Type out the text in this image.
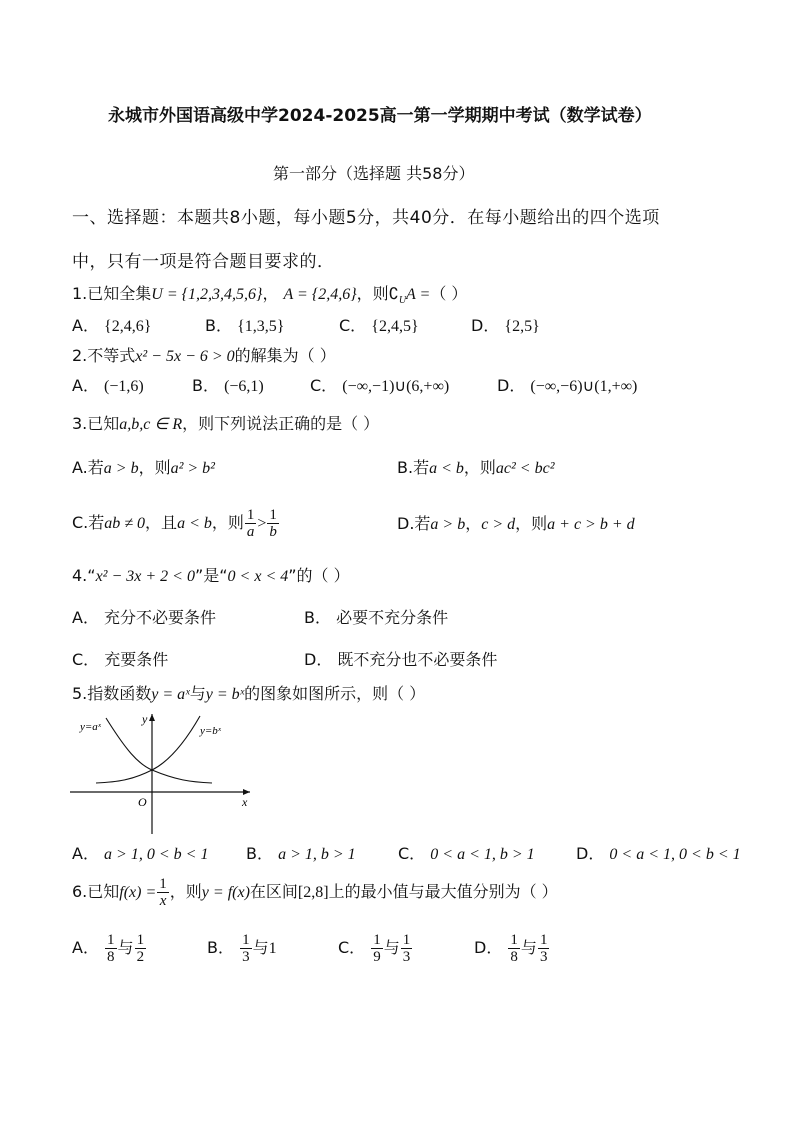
永城市外国语高级中学2024-2025高一第一学期期中考试（数学试卷）
第一部分（选择题 共58分）
一、选择题：本题共8小题，每小题5分，共40分．在每小题给出的四个选项
中，只有一项是符合题目要求的．
1.已知全集U = {1,2,3,4,5,6}， A = {2,4,6}，则$∁_UA$ =（ ）
A． {2,4,6}	B． {1,3,5}	C． {2,4,5}	D． {2,5}
2.不等式x² − 5x − 6 > 0的解集为（ ）
A． (−1,6)	B． (−6,1)	C． (−∞,−1)∪(6,+∞)	D． (−∞,−6)∪(1,+∞)
3.已知a,b,c ∈ R，则下列说法正确的是（ ）
A.若a > b，则a² > b²	B.若a < b，则ac² < bc²
C.若ab ≠ 0，且a < b，则 $\frac{1}{a} > \frac{1}{b}$	D.若a > b，c > d，则a + c > b + d
4.“x² − 3x + 2 < 0”是“0 < x < 4”的（ ）
A． 充分不必要条件	B． 必要不充分条件
C． 充要条件	D． 既不充分也不必要条件
5.指数函数y = aˣ与y = bˣ的图象如图所示，则（ ）
y=aˣ	y=bˣ
y
x
O
A． a > 1, 0 < b < 1 B． a > 1, b > 1	C． 0 < a < 1, b > 1	D． 0 < a < 1, 0 < b < 1
6.已知$f(x) = \frac{1}{x}$ ，则y = f(x)在区间[2,8]上的最小值与最大值分别为（ ）
A． $\frac{1}{8}$ 与 $\frac{1}{2}$	B． $\frac{1}{3}$ 与1	C． $\frac{1}{9}$ 与 $\frac{1}{3}$	D． $\frac{1}{8}$ 与 $\frac{1}{3}$
